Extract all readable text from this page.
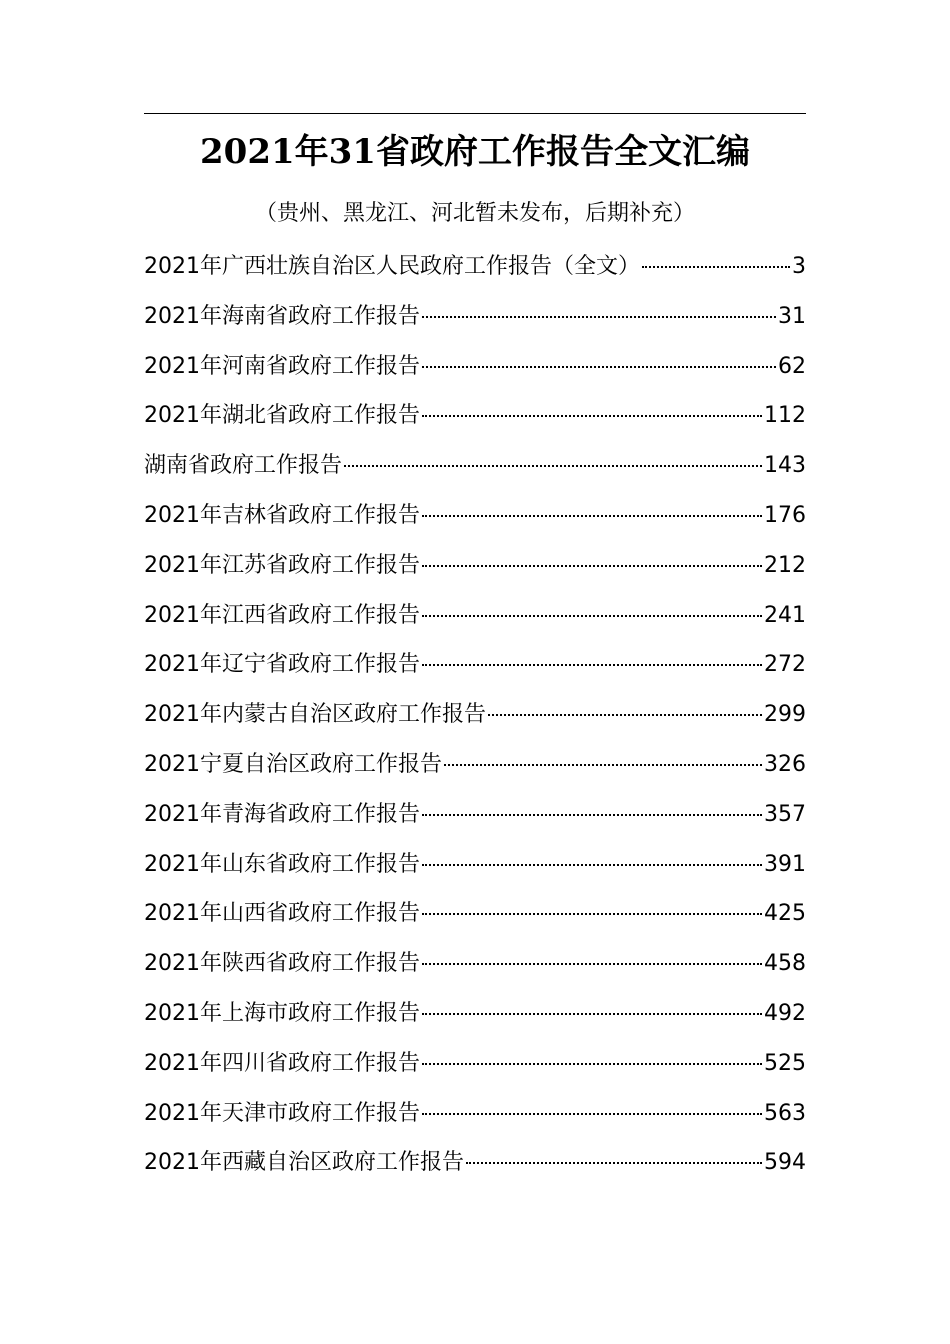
2021年31省政府工作报告全文汇编
（贵州、黑龙江、河北暂未发布，后期补充）
2021年广西壮族自治区人民政府工作报告（全文）	3
2021年海南省政府工作报告	31
2021年河南省政府工作报告	62
2021年湖北省政府工作报告	112
湖南省政府工作报告	143
2021年吉林省政府工作报告	176
2021年江苏省政府工作报告	212
2021年江西省政府工作报告	241
2021年辽宁省政府工作报告	272
2021年内蒙古自治区政府工作报告	299
2021宁夏自治区政府工作报告	326
2021年青海省政府工作报告	357
2021年山东省政府工作报告	391
2021年山西省政府工作报告	425
2021年陕西省政府工作报告	458
2021年上海市政府工作报告	492
2021年四川省政府工作报告	525
2021年天津市政府工作报告	563
2021年西藏自治区政府工作报告	594
